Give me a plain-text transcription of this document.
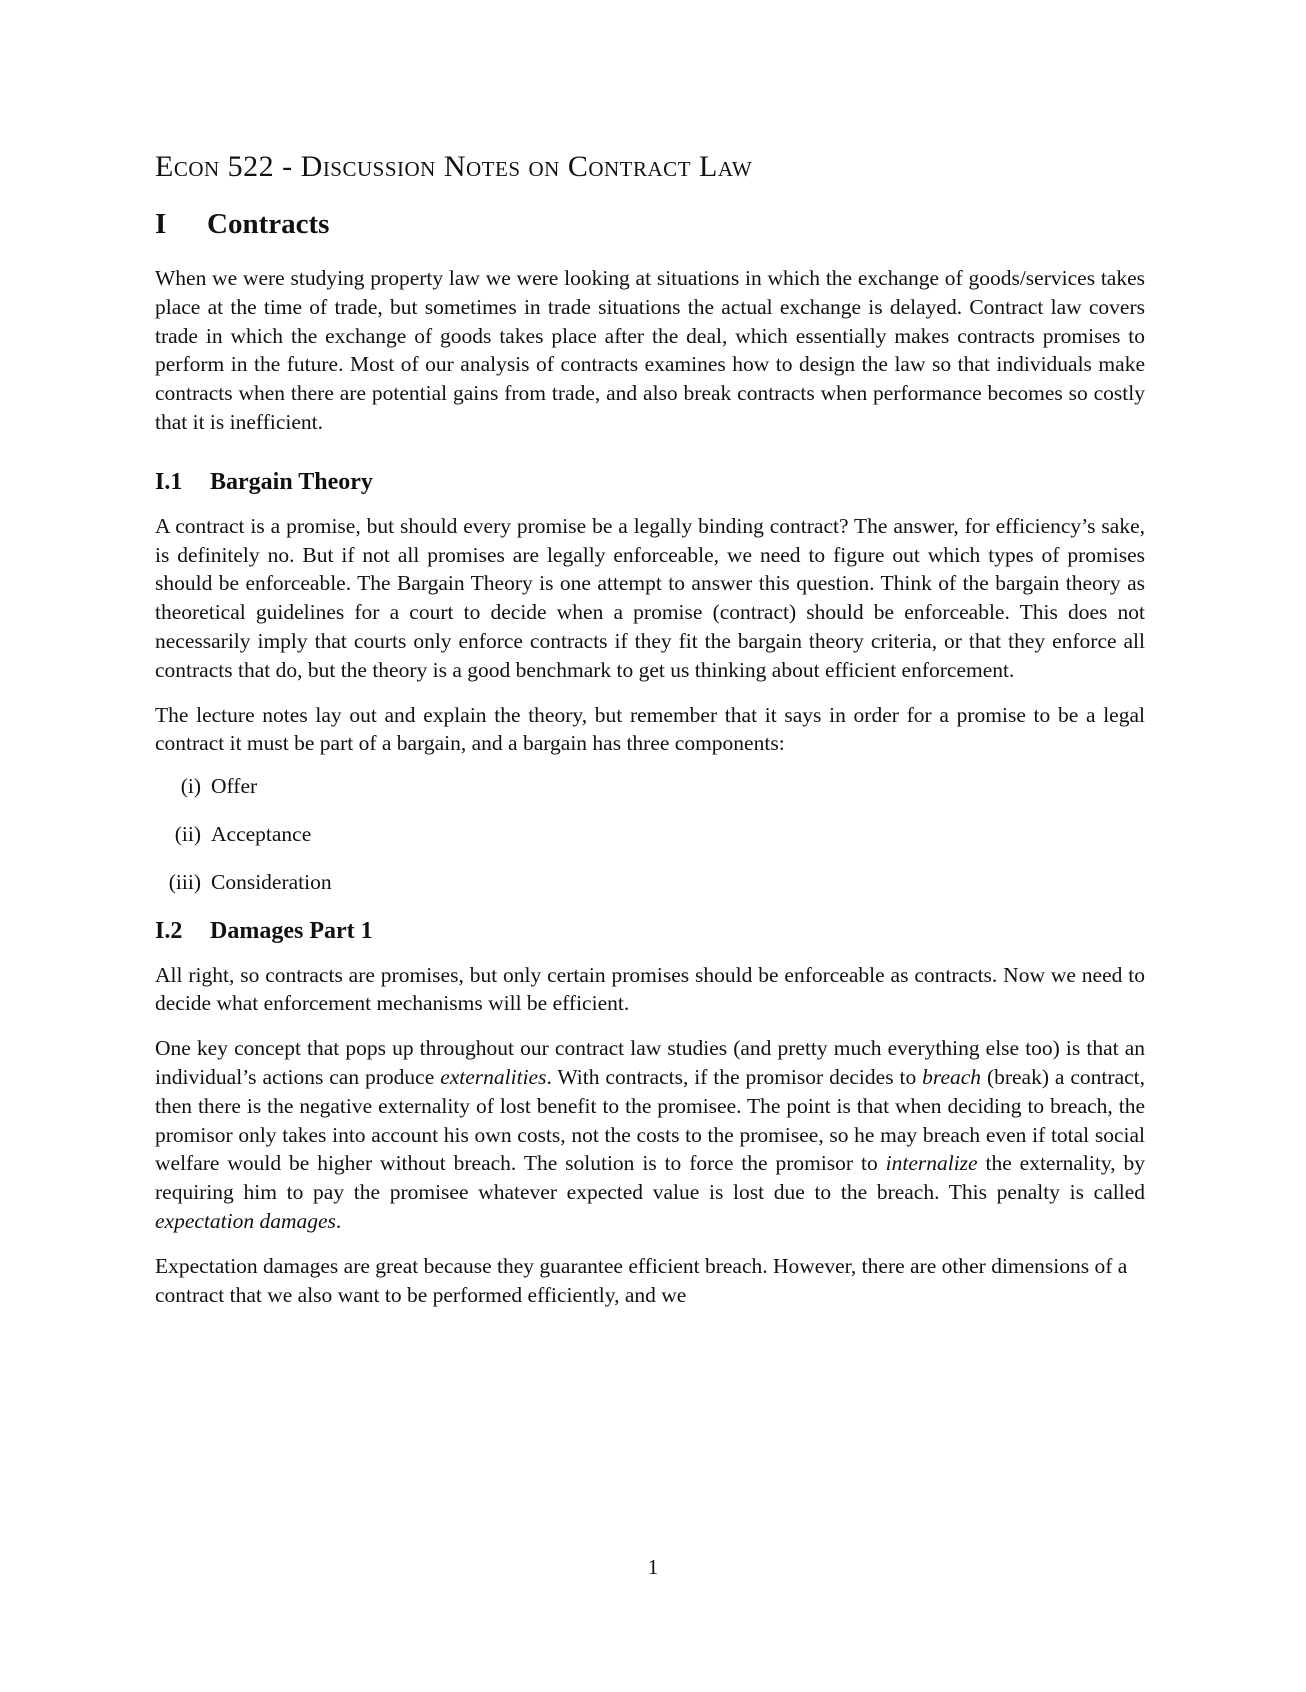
Econ 522 - Discussion Notes on Contract Law
I Contracts

When we were studying property law we were looking at situations in which the exchange of goods/services takes place at the time of trade, but sometimes in trade situations the actual exchange is delayed. Contract law covers trade in which the exchange of goods takes place after the deal, which essentially makes contracts promises to perform in the future. Most of our analysis of contracts examines how to design the law so that individuals make contracts when there are potential gains from trade, and also break contracts when performance becomes so costly that it is inefficient.

I.1 Bargain Theory

A contract is a promise, but should every promise be a legally binding contract? The answer, for efficiency’s sake, is definitely no. But if not all promises are legally enforceable, we need to figure out which types of promises should be enforceable. The Bargain Theory is one attempt to answer this question. Think of the bargain theory as theoretical guidelines for a court to decide when a promise (contract) should be enforceable. This does not necessarily imply that courts only enforce contracts if they fit the bargain theory criteria, or that they enforce all contracts that do, but the theory is a good benchmark to get us thinking about efficient enforcement.

The lecture notes lay out and explain the theory, but remember that it says in order for a promise to be a legal contract it must be part of a bargain, and a bargain has three components:

(i) Offer
(ii) Acceptance
(iii) Consideration
I.2 Damages Part 1

All right, so contracts are promises, but only certain promises should be enforceable as contracts. Now we need to decide what enforcement mechanisms will be efficient.

One key concept that pops up throughout our contract law studies (and pretty much everything else too) is that an individual’s actions can produce externalities. With contracts, if the promisor decides to breach (break) a contract, then there is the negative externality of lost benefit to the promisee. The point is that when deciding to breach, the promisor only takes into account his own costs, not the costs to the promisee, so he may breach even if total social welfare would be higher without breach. The solution is to force the promisor to internalize the externality, by requiring him to pay the promisee whatever expected value is lost due to the breach. This penalty is called expectation damages.

Expectation damages are great because they guarantee efficient breach. However, there are other dimensions of a contract that we also want to be performed efficiently, and we

1
